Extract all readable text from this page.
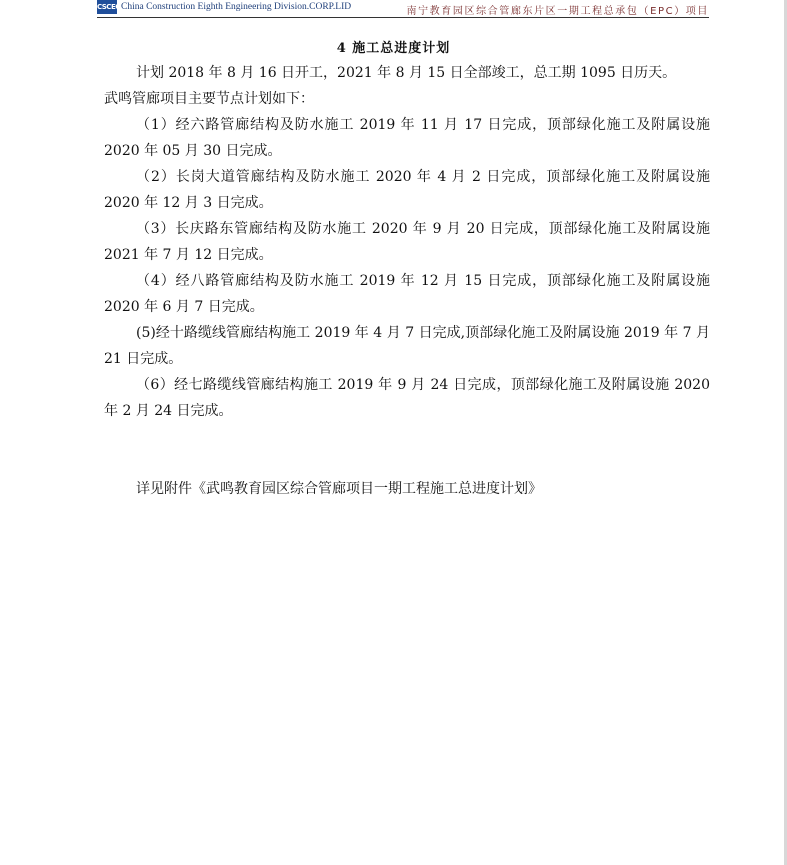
CSCEC China Construction Eighth Engineering Division.CORP.LID	南宁教育园区综合管廊东片区一期工程总承包（EPC）项目
4 施工总进度计划

计划 2018 年 8 月 16 日开工，2021 年 8 月 15 日全部竣工，总工期 1095 日历天。

武鸣管廊项目主要节点计划如下：

（1）经六路管廊结构及防水施工 2019 年 11 月 17 日完成，顶部绿化施工及附属设施 2020 年 05 月 30 日完成。

（2）长岗大道管廊结构及防水施工 2020 年 4 月 2 日完成，顶部绿化施工及附属设施 2020 年 12 月 3 日完成。

（3）长庆路东管廊结构及防水施工 2020 年 9 月 20 日完成，顶部绿化施工及附属设施 2021 年 7 月 12 日完成。

（4）经八路管廊结构及防水施工 2019 年 12 月 15 日完成，顶部绿化施工及附属设施 2020 年 6 月 7 日完成。

(5)经十路缆线管廊结构施工 2019 年 4 月 7 日完成,顶部绿化施工及附属设施 2019 年 7 月 21 日完成。

（6）经七路缆线管廊结构施工 2019 年 9 月 24 日完成，顶部绿化施工及附属设施 2020 年 2 月 24 日完成。

详见附件《武鸣教育园区综合管廊项目一期工程施工总进度计划》
